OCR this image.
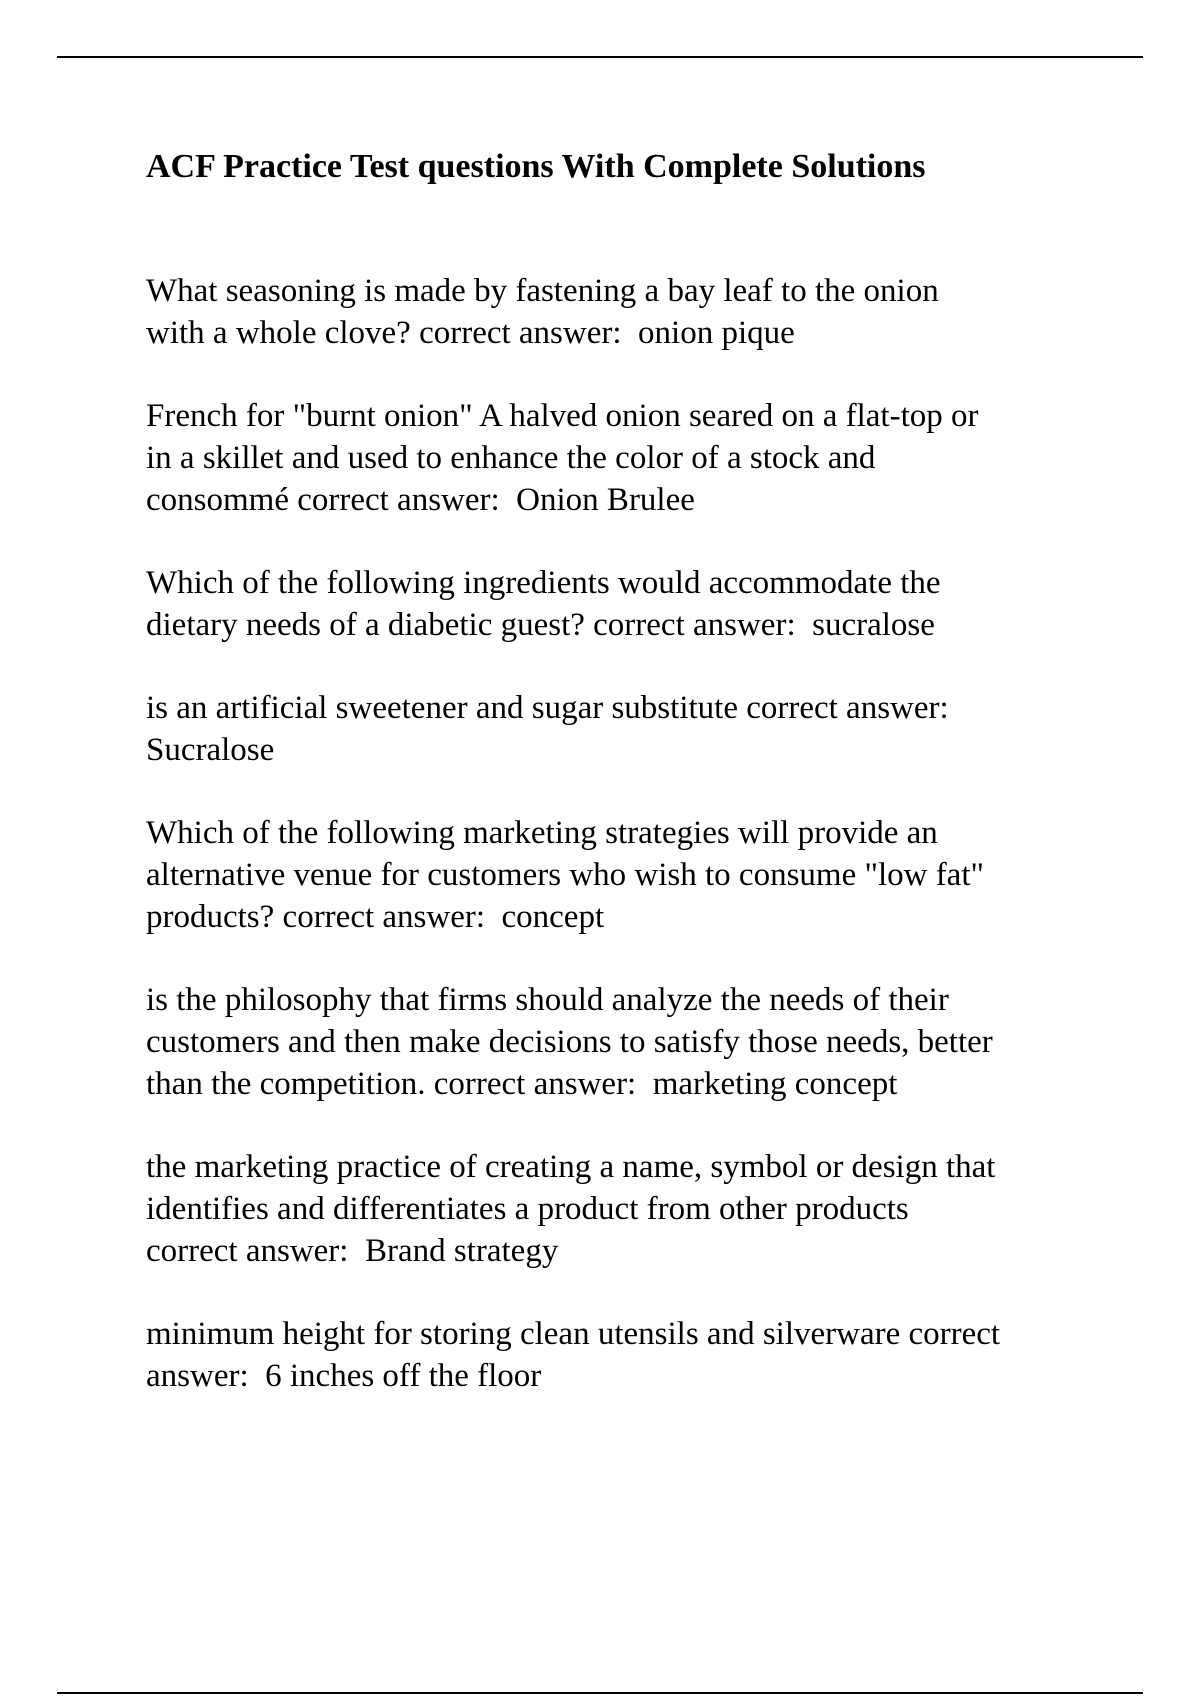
ACF Practice Test questions With Complete Solutions

What seasoning is made by fastening a bay leaf to the onion
with a whole clove? correct answer:  onion pique

French for "burnt onion" A halved onion seared on a flat-top or
in a skillet and used to enhance the color of a stock and
consommé correct answer:  Onion Brulee

Which of the following ingredients would accommodate the
dietary needs of a diabetic guest? correct answer:  sucralose

is an artificial sweetener and sugar substitute correct answer:
Sucralose

Which of the following marketing strategies will provide an
alternative venue for customers who wish to consume "low fat"
products? correct answer:  concept

is the philosophy that firms should analyze the needs of their
customers and then make decisions to satisfy those needs, better
than the competition. correct answer:  marketing concept

the marketing practice of creating a name, symbol or design that
identifies and differentiates a product from other products
correct answer:  Brand strategy

minimum height for storing clean utensils and silverware correct
answer:  6 inches off the floor
